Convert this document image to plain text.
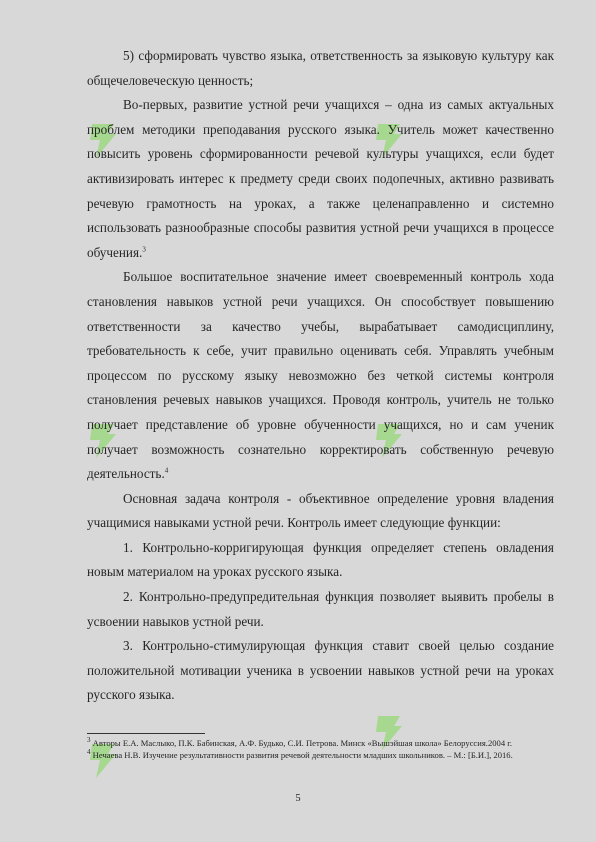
5) сформировать чувство языка, ответственность за языковую культуру как общечеловеческую ценность;

Во-первых, развитие устной речи учащихся – одна из самых актуальных проблем методики преподавания русского языка. Учитель может качественно повысить уровень сформированности речевой культуры учащихся, если будет активизировать интерес к предмету среди своих подопечных, активно развивать речевую грамотность на уроках, а также целенаправленно и системно использовать разнообразные способы развития устной речи учащихся в процессе обучения.$^3$

Большое воспитательное значение имеет своевременный контроль хода становления навыков устной речи учащихся. Он способствует повышению ответственности за качество учебы, вырабатывает самодисциплину, требовательность к себе, учит правильно оценивать себя. Управлять учебным процессом по русскому языку невозможно без четкой системы контроля становления речевых навыков учащихся. Проводя контроль, учитель не только получает представление об уровне обученности учащихся, но и сам ученик получает возможность сознательно корректировать собственную речевую деятельность.$^4$

Основная задача контроля - объективное определение уровня владения учащимися навыками устной речи. Контроль имеет следующие функции:

1. Контрольно-корригирующая функция определяет степень овладения новым материалом на уроках русского языка.

2. Контрольно-предупредительная функция позволяет выявить пробелы в усвоении навыков устной речи.

3. Контрольно-стимулирующая функция ставит своей целью создание положительной мотивации ученика в усвоении навыков устной речи на уроках русского языка.

$^3$ Авторы Е.А. Маслыко, П.К. Бабинская, А.Ф. Будько, С.И. Петрова. Минск «Вышэйшая школа» Белоруссия.2004 г.

$^4$ Нечаева Н.В. Изучение результативности развития речевой деятельности младших школьников. – М.: [Б.И.], 2016.

5
